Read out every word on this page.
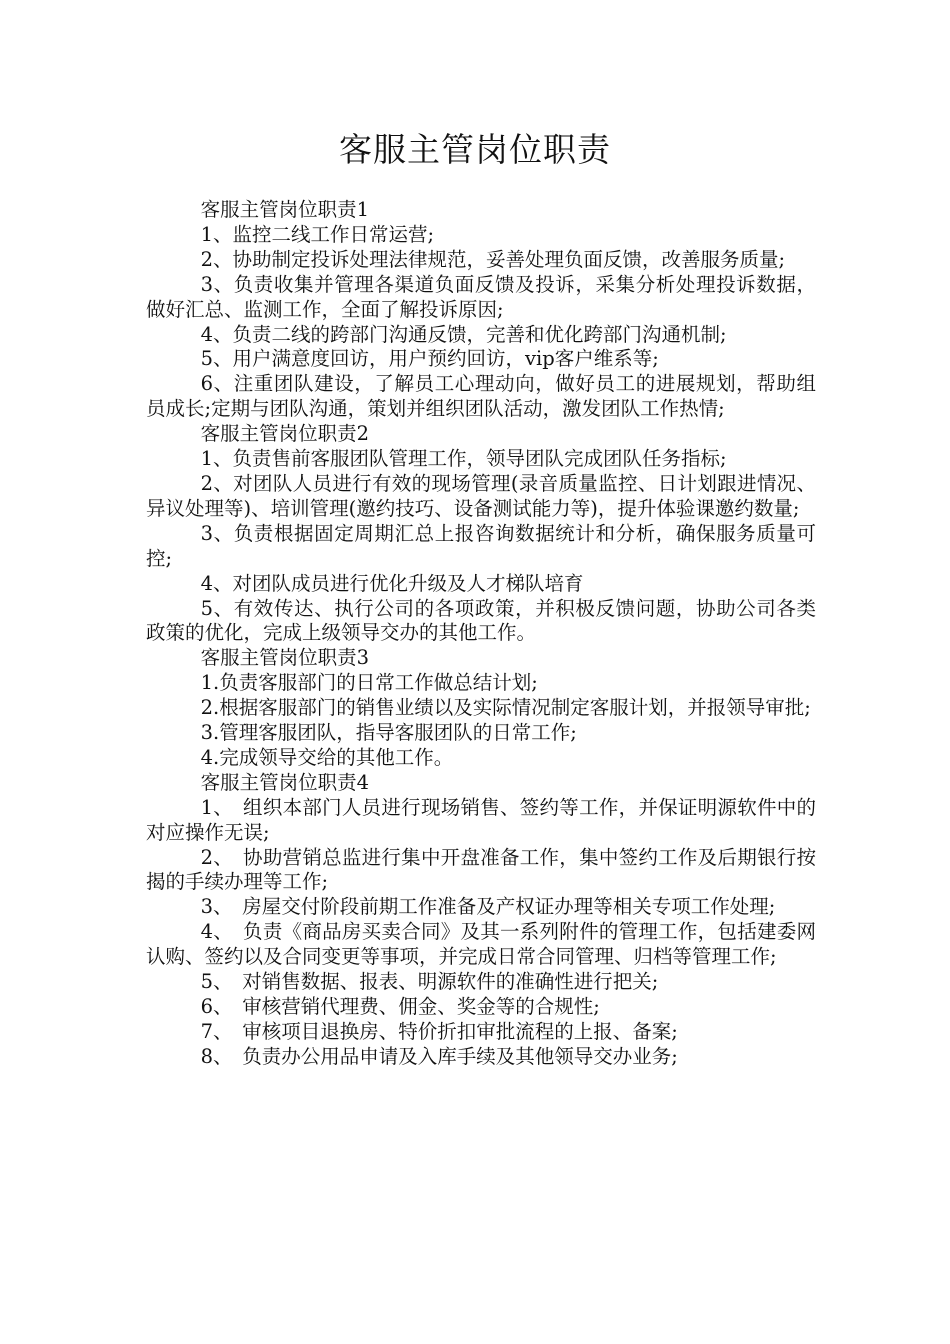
客服主管岗位职责

客服主管岗位职责1

1、监控二线工作日常运营;

2、协助制定投诉处理法律规范，妥善处理负面反馈，改善服务质量;

3、负责收集并管理各渠道负面反馈及投诉，采集分析处理投诉数据，做好汇总、监测工作，全面了解投诉原因;

4、负责二线的跨部门沟通反馈，完善和优化跨部门沟通机制;

5、用户满意度回访，用户预约回访，vip客户维系等;

6、注重团队建设，了解员工心理动向，做好员工的进展规划，帮助组员成长;定期与团队沟通，策划并组织团队活动，激发团队工作热情;

客服主管岗位职责2

1、负责售前客服团队管理工作，领导团队完成团队任务指标;

2、对团队人员进行有效的现场管理(录音质量监控、日计划跟进情况、异议处理等)、培训管理(邀约技巧、设备测试能力等)，提升体验课邀约数量;

3、负责根据固定周期汇总上报咨询数据统计和分析，确保服务质量可控;

4、对团队成员进行优化升级及人才梯队培育

5、有效传达、执行公司的各项政策，并积极反馈问题，协助公司各类政策的优化，完成上级领导交办的其他工作。

客服主管岗位职责3

1.负责客服部门的日常工作做总结计划;

2.根据客服部门的销售业绩以及实际情况制定客服计划，并报领导审批;

3.管理客服团队，指导客服团队的日常工作;

4.完成领导交给的其他工作。

客服主管岗位职责4

1、　组织本部门人员进行现场销售、签约等工作，并保证明源软件中的对应操作无误;

2、　协助营销总监进行集中开盘准备工作，集中签约工作及后期银行按揭的手续办理等工作;

3、　房屋交付阶段前期工作准备及产权证办理等相关专项工作处理;

4、　负责《商品房买卖合同》及其一系列附件的管理工作，包括建委网认购、签约以及合同变更等事项，并完成日常合同管理、归档等管理工作;

5、　对销售数据、报表、明源软件的准确性进行把关;

6、　审核营销代理费、佣金、奖金等的合规性;

7、　审核项目退换房、特价折扣审批流程的上报、备案;

8、　负责办公用品申请及入库手续及其他领导交办业务;
